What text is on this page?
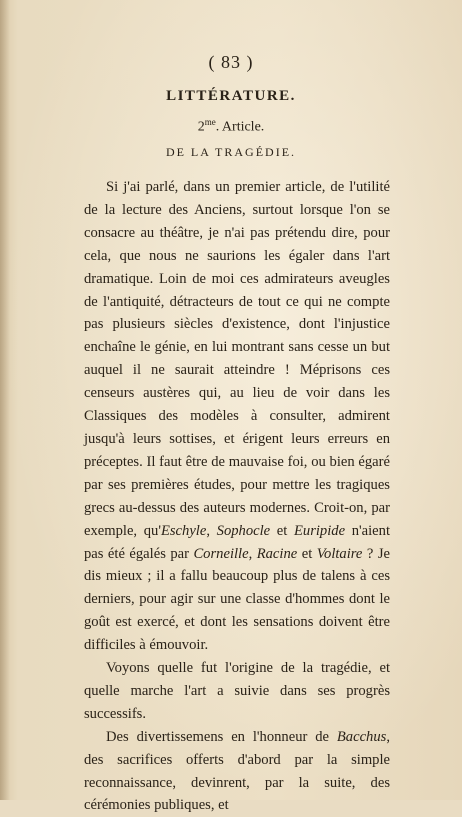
( 83 )
LITTÉRATURE.
$2^{me}$. Article.
DE LA TRAGÉDIE.

Si j'ai parlé, dans un premier article, de l'utilité de la lecture des Anciens, surtout lorsque l'on se consacre au théâtre, je n'ai pas prétendu dire, pour cela, que nous ne saurions les égaler dans l'art dramatique. Loin de moi ces admirateurs aveugles de l'antiquité, détracteurs de tout ce qui ne compte pas plusieurs siècles d'existence, dont l'injustice enchaîne le génie, en lui montrant sans cesse un but auquel il ne saurait atteindre ! Méprisons ces censeurs austères qui, au lieu de voir dans les Classiques des modèles à consulter, admirent jusqu'à leurs sottises, et érigent leurs erreurs en préceptes. Il faut être de mauvaise foi, ou bien égaré par ses premières études, pour mettre les tragiques grecs au-dessus des auteurs modernes. Croit-on, par exemple, qu'Eschyle, Sophocle et Euripide n'aient pas été égalés par Corneille, Racine et Voltaire ? Je dis mieux ; il a fallu beaucoup plus de talens à ces derniers, pour agir sur une classe d'hommes dont le goût est exercé, et dont les sensations doivent être difficiles à émouvoir.

Voyons quelle fut l'origine de la tragédie, et quelle marche l'art a suivie dans ses progrès successifs.

Des divertissemens en l'honneur de Bacchus, des sacrifices offerts d'abord par la simple reconnaissance, devinrent, par la suite, des cérémonies publiques, et
